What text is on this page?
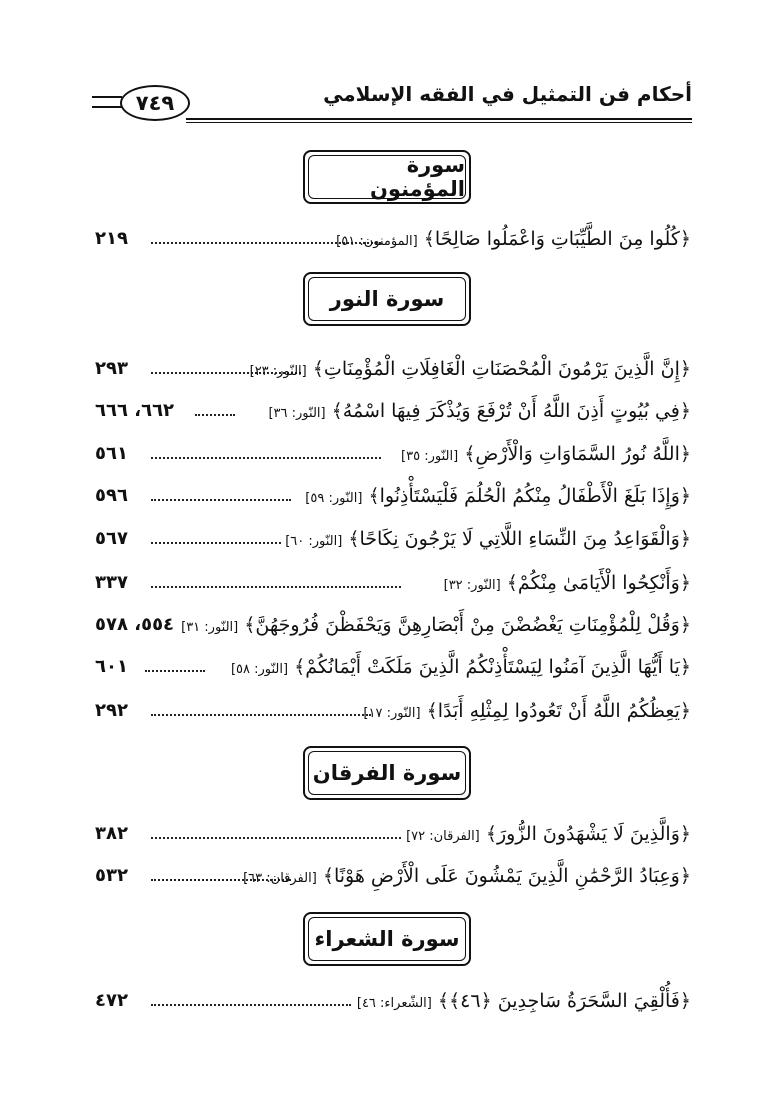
٧٤٩	أحكام فن التمثيل في الفقه الإسلامي
سورة المؤمنون
٢١٩	﴿كُلُوا مِنَ الطَّيِّبَاتِ وَاعْمَلُوا صَالِحًا﴾ [المؤمنون: ٥١]
سورة النور
٢٩٣	﴿إِنَّ الَّذِينَ يَرْمُونَ الْمُحْصَنَاتِ الْغَافِلَاتِ الْمُؤْمِنَاتِ﴾ [النّور: ٢٣]
٦٦٢، ٦٦٦	﴿فِي بُيُوتٍ أَذِنَ اللَّهُ أَنْ تُرْفَعَ وَيُذْكَرَ فِيهَا اسْمُهُ﴾ [النّور: ٣٦]
٥٦١	﴿اللَّهُ نُورُ السَّمَاوَاتِ وَالْأَرْضِ﴾ [النّور: ٣٥]
٥٩٦	﴿وَإِذَا بَلَغَ الْأَطْفَالُ مِنْكُمُ الْحُلُمَ فَلْيَسْتَأْذِنُوا﴾ [النّور: ٥٩]
٥٦٧	﴿وَالْقَوَاعِدُ مِنَ النِّسَاءِ اللَّاتِي لَا يَرْجُونَ نِكَاحًا﴾ [النّور: ٦٠]
٣٣٧	﴿وَأَنْكِحُوا الْأَيَامَىٰ مِنْكُمْ﴾ [النّور: ٣٢]
٥٥٤، ٥٧٨	﴿وَقُلْ لِلْمُؤْمِنَاتِ يَغْضُضْنَ مِنْ أَبْصَارِهِنَّ وَيَحْفَظْنَ فُرُوجَهُنَّ﴾ [النّور: ٣١]
٦٠١	﴿يَا أَيُّهَا الَّذِينَ آمَنُوا لِيَسْتَأْذِنْكُمُ الَّذِينَ مَلَكَتْ أَيْمَانُكُمْ﴾ [النّور: ٥٨]
٢٩٢	﴿يَعِظُكُمُ اللَّهُ أَنْ تَعُودُوا لِمِثْلِهِ أَبَدًا﴾ [النّور: ١٧]
سورة الفرقان
٣٨٢	﴿وَالَّذِينَ لَا يَشْهَدُونَ الزُّورَ﴾ [الفرقان: ٧٢]
٥٣٢	﴿وَعِبَادُ الرَّحْمَٰنِ الَّذِينَ يَمْشُونَ عَلَى الْأَرْضِ هَوْنًا﴾ [الفرقان: ٦٣]
سورة الشعراء
٤٧٢	﴿فَأُلْقِيَ السَّحَرَةُ سَاجِدِينَ ﴿٤٦﴾﴾ [الشّعراء: ٤٦]
